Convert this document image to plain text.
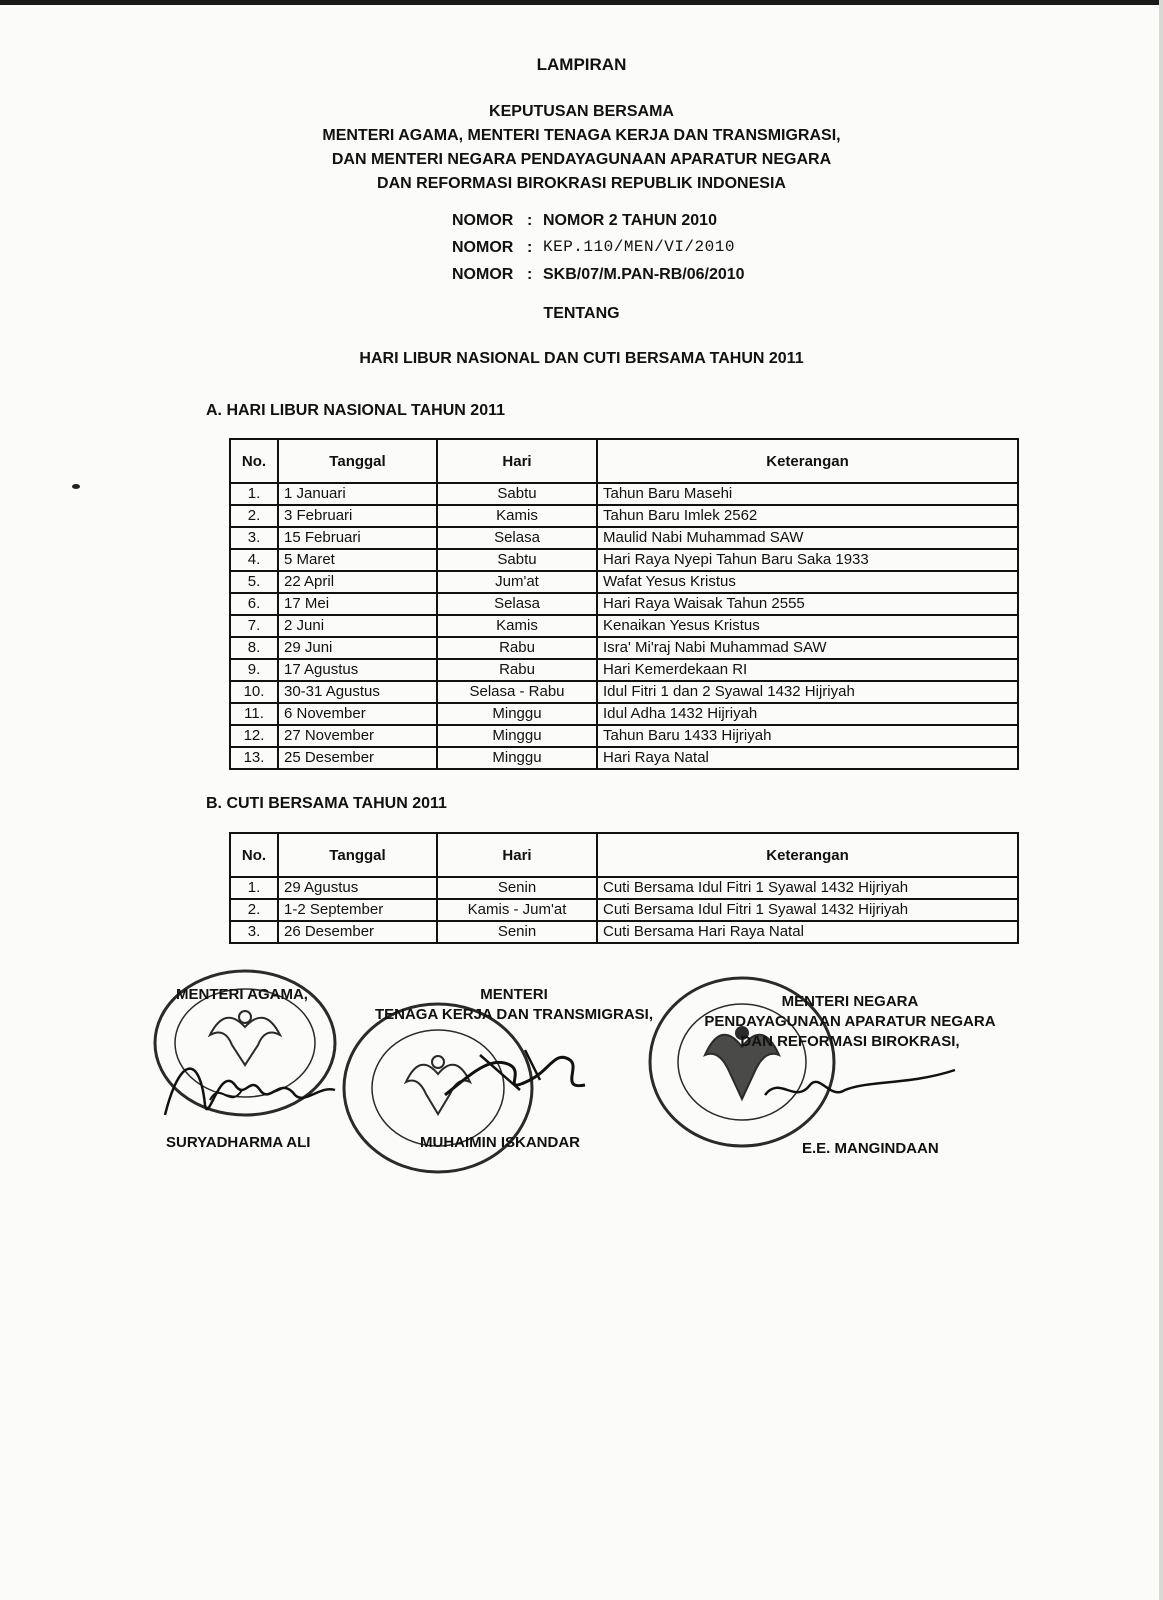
LAMPIRAN
KEPUTUSAN BERSAMA
MENTERI AGAMA, MENTERI TENAGA KERJA DAN TRANSMIGRASI,
DAN MENTERI NEGARA PENDAYAGUNAAN APARATUR NEGARA
DAN REFORMASI BIROKRASI REPUBLIK INDONESIA
NOMOR : NOMOR 2 TAHUN 2010
NOMOR : KEP.110/MEN/VI/2010
NOMOR : SKB/07/M.PAN-RB/06/2010
TENTANG
HARI LIBUR NASIONAL DAN CUTI BERSAMA TAHUN 2011
A. HARI LIBUR NASIONAL TAHUN 2011
No.	Tanggal	Hari	Keterangan
1.	1 Januari	Sabtu	Tahun Baru Masehi
2.	3 Februari	Kamis	Tahun Baru Imlek 2562
3.	15 Februari	Selasa	Maulid Nabi Muhammad SAW
4.	5 Maret	Sabtu	Hari Raya Nyepi Tahun Baru Saka 1933
5.	22 April	Jum'at	Wafat Yesus Kristus
6.	17 Mei	Selasa	Hari Raya Waisak Tahun 2555
7.	2 Juni	Kamis	Kenaikan Yesus Kristus
8.	29 Juni	Rabu	Isra' Mi'raj Nabi Muhammad SAW
9.	17 Agustus	Rabu	Hari Kemerdekaan RI
10.	30-31 Agustus	Selasa - Rabu	Idul Fitri 1 dan 2 Syawal 1432 Hijriyah
11.	6 November	Minggu	Idul Adha 1432 Hijriyah
12.	27 November	Minggu	Tahun Baru 1433 Hijriyah
13.	25 Desember	Minggu	Hari Raya Natal
B. CUTI BERSAMA TAHUN 2011
No.	Tanggal	Hari	Keterangan
1.	29 Agustus	Senin	Cuti Bersama Idul Fitri 1 Syawal 1432 Hijriyah
2.	1-2 September	Kamis - Jum'at	Cuti Bersama Idul Fitri 1 Syawal 1432 Hijriyah
3.	26 Desember	Senin	Cuti Bersama Hari Raya Natal
MENTERI AGAMA,	MENTERI
TENAGA KERJA DAN TRANSMIGRASI,
MENTERI NEGARA
PENDAYAGUNAAN APARATUR NEGARA
DAN REFORMASI BIROKRASI,
SURYADHARMA ALI	MUHAIMIN ISKANDAR	E.E. MANGINDAAN
